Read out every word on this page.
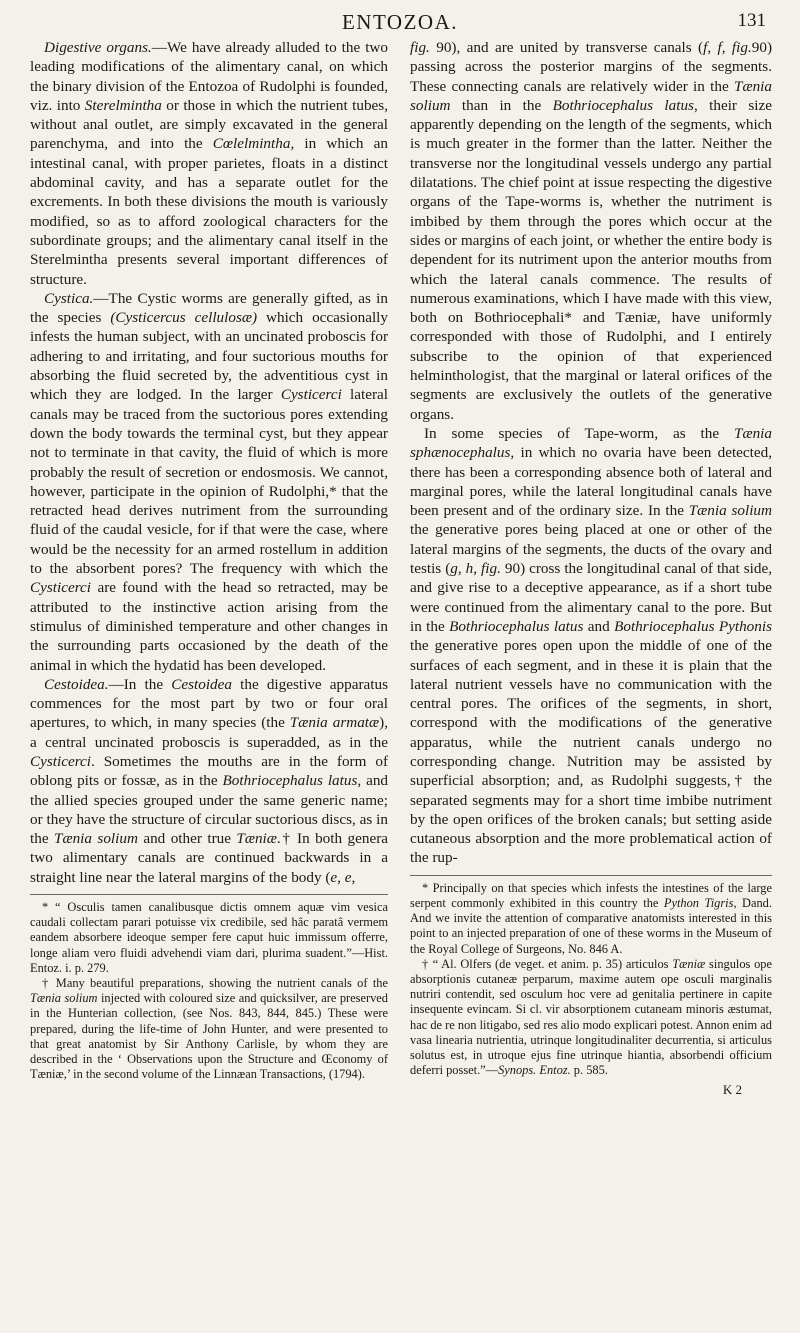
ENTOZOA.	131

Digestive organs.—We have already alluded to the two leading modifications of the alimentary canal, on which the binary division of the Entozoa of Rudolphi is founded, viz. into Sterelmintha or those in which the nutrient tubes, without anal outlet, are simply excavated in the general parenchyma, and into the Cœlelmintha, in which an intestinal canal, with proper parietes, floats in a distinct abdominal cavity, and has a separate outlet for the excrements. In both these divisions the mouth is variously modified, so as to afford zoological characters for the subordinate groups; and the alimentary canal itself in the Sterelmintha presents several important differences of structure.

Cystica.—The Cystic worms are generally gifted, as in the species (Cysticercus cellulosæ) which occasionally infests the human subject, with an uncinated proboscis for adhering to and irritating, and four suctorious mouths for absorbing the fluid secreted by, the adventitious cyst in which they are lodged. In the larger Cysticerci lateral canals may be traced from the suctorious pores extending down the body towards the terminal cyst, but they appear not to terminate in that cavity, the fluid of which is more probably the result of secretion or endosmosis. We cannot, however, participate in the opinion of Rudolphi,* that the retracted head derives nutriment from the surrounding fluid of the caudal vesicle, for if that were the case, where would be the necessity for an armed rostellum in addition to the absorbent pores? The frequency with which the Cysticerci are found with the head so retracted, may be attributed to the instinctive action arising from the stimulus of diminished temperature and other changes in the surrounding parts occasioned by the death of the animal in which the hydatid has been developed.

Cestoidea.—In the Cestoidea the digestive apparatus commences for the most part by two or four oral apertures, to which, in many species (the Tænia armatæ), a central uncinated proboscis is superadded, as in the Cysticerci. Sometimes the mouths are in the form of oblong pits or fossæ, as in the Bothriocephalus latus, and the allied species grouped under the same generic name; or they have the structure of circular suctorious discs, as in the Tænia solium and other true Tæniæ.† In both genera two alimentary canals are continued backwards in a straight line near the lateral margins of the body (e, e,

* “ Osculis tamen canalibusque dictis omnem aquæ vim vesica caudali collectam parari potuisse vix credibile, sed hâc paratâ vermem eandem absorbere ideoque semper fere caput huic immissum offerre, longe aliam vero fluidi advehendi viam dari, plurima suadent.”—Hist. Entoz. i. p. 279.

† Many beautiful preparations, showing the nutrient canals of the Tænia solium injected with coloured size and quicksilver, are preserved in the Hunterian collection, (see Nos. 843, 844, 845.) These were prepared, during the life-time of John Hunter, and were presented to that great anatomist by Sir Anthony Carlisle, by whom they are described in the ‘ Observations upon the Structure and Œconomy of Tæniæ,’ in the second volume of the Linnæan Transactions, (1794).

fig. 90), and are united by transverse canals (f, f, fig.90) passing across the posterior margins of the segments. These connecting canals are relatively wider in the Tænia solium than in the Bothriocephalus latus, their size apparently depending on the length of the segments, which is much greater in the former than the latter. Neither the transverse nor the longitudinal vessels undergo any partial dilatations. The chief point at issue respecting the digestive organs of the Tape-worms is, whether the nutriment is imbibed by them through the pores which occur at the sides or margins of each joint, or whether the entire body is dependent for its nutriment upon the anterior mouths from which the lateral canals commence. The results of numerous examinations, which I have made with this view, both on Bothriocephali* and Tæniæ, have uniformly corresponded with those of Rudolphi, and I entirely subscribe to the opinion of that experienced helminthologist, that the marginal or lateral orifices of the segments are exclusively the outlets of the generative organs.

In some species of Tape-worm, as the Tænia sphænocephalus, in which no ovaria have been detected, there has been a corresponding absence both of lateral and marginal pores, while the lateral longitudinal canals have been present and of the ordinary size. In the Tænia solium the generative pores being placed at one or other of the lateral margins of the segments, the ducts of the ovary and testis (g, h, fig. 90) cross the longitudinal canal of that side, and give rise to a deceptive appearance, as if a short tube were continued from the alimentary canal to the pore. But in the Bothriocephalus latus and Bothriocephalus Pythonis the generative pores open upon the middle of one of the surfaces of each segment, and in these it is plain that the lateral nutrient vessels have no communication with the central pores. The orifices of the segments, in short, correspond with the modifications of the generative apparatus, while the nutrient canals undergo no corresponding change. Nutrition may be assisted by superficial absorption; and, as Rudolphi suggests,† the separated segments may for a short time imbibe nutriment by the open orifices of the broken canals; but setting aside cutaneous absorption and the more problematical action of the rup-

* Principally on that species which infests the intestines of the large serpent commonly exhibited in this country the Python Tigris, Dand. And we invite the attention of comparative anatomists interested in this point to an injected preparation of one of these worms in the Museum of the Royal College of Surgeons, No. 846 A.

† “ Al. Olfers (de veget. et anim. p. 35) articulos Tæniæ singulos ope absorptionis cutaneæ perparum, maxime autem ope osculi marginalis nutriri contendit, sed osculum hoc vere ad genitalia pertinere in capite insequente evincam. Si cl. vir absorptionem cutaneam minoris æstumat, hac de re non litigabo, sed res alio modo explicari potest. Annon enim ad vasa linearia nutrientia, utrinque longitudinaliter decurrentia, si articulus solutus est, in utroque ejus fine utrinque hiantia, absorbendi officium deferri posset.”—Synops. Entoz. p. 585.

K 2
